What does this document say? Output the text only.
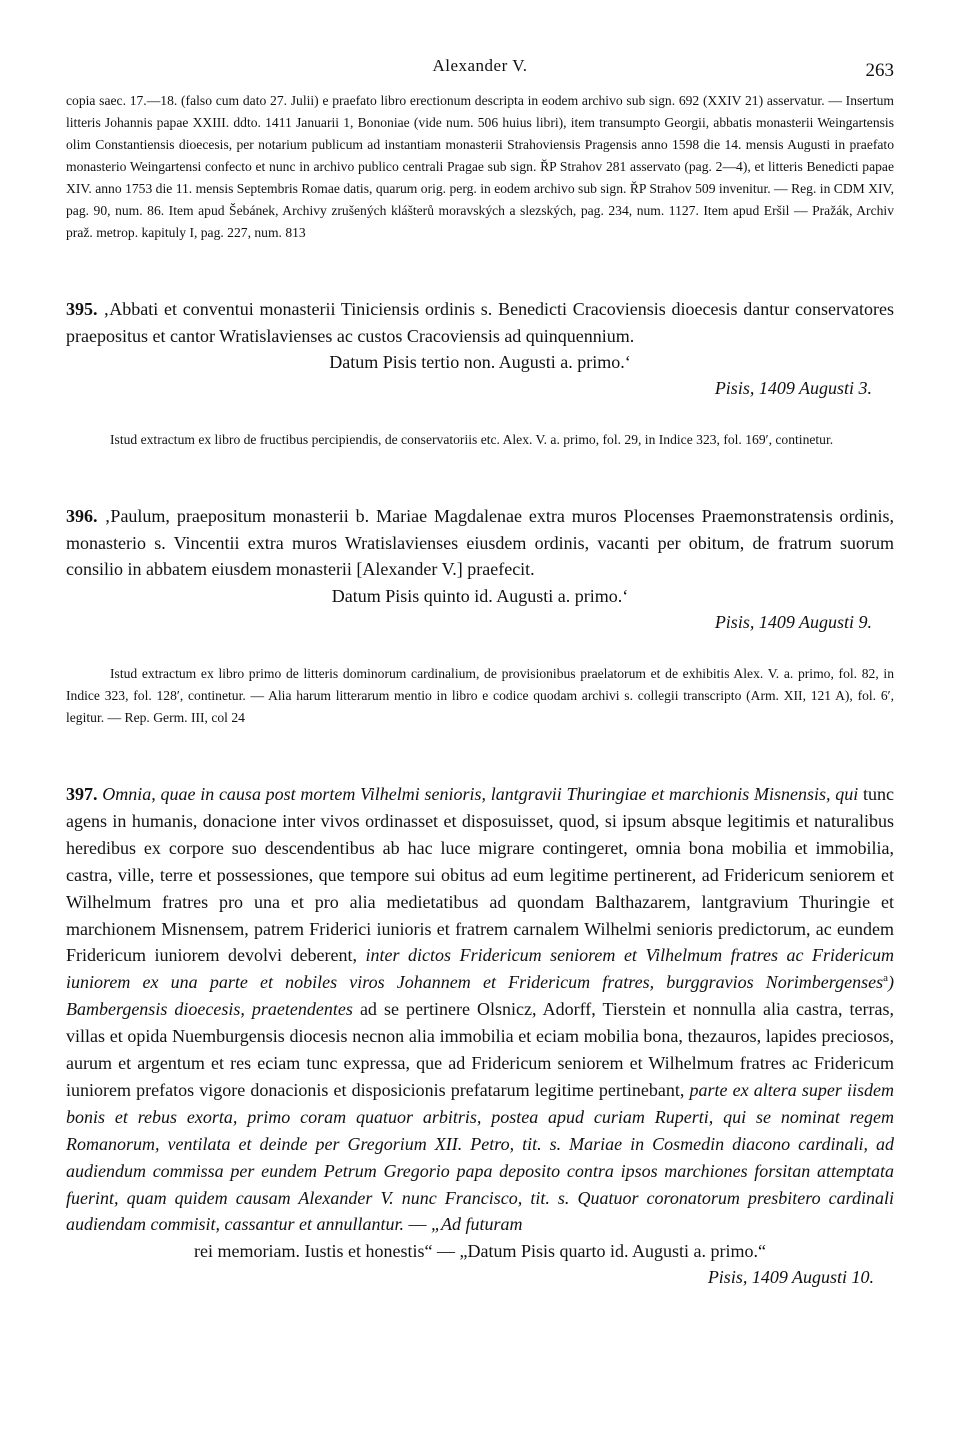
Alexander V.	263
copia saec. 17.—18. (falso cum dato 27. Julii) e praefato libro erectionum descripta in eodem archivo sub sign. 692 (XXIV 21) asservatur. — Insertum litteris Johannis papae XXIII. ddto. 1411 Januarii 1, Bononiae (vide num. 506 huius libri), item transumpto Georgii, abbatis monasterii Weingartensis olim Constantiensis dioecesis, per notarium publicum ad instantiam monasterii Strahoviensis Pragensis anno 1598 die 14. mensis Augusti in praefato monasterio Weingartensi confecto et nunc in archivo publico centrali Pragae sub sign. ŘP Strahov 281 asservato (pag. 2—4), et litteris Benedicti papae XIV. anno 1753 die 11. mensis Septembris Romae datis, quarum orig. perg. in eodem archivo sub sign. ŘP Strahov 509 invenitur. — Reg. in CDM XIV, pag. 90, num. 86. Item apud Šebánek, Archivy zrušených klášterů moravských a slezských, pag. 234, num. 1127. Item apud Eršil — Pražák, Archiv praž. metrop. kapituly I, pag. 227, num. 813
395. ‚Abbati et conventui monasterii Tiniciensis ordinis s. Benedicti Cracoviensis dioecesis dantur conservatores praepositus et cantor Wratislavienses ac custos Cracoviensis ad quinquennium.
Datum Pisis tertio non. Augusti a. primo.‘
Pisis, 1409 Augusti 3.
Istud extractum ex libro de fructibus percipiendis, de conservatoriis etc. Alex. V. a. primo, fol. 29, in Indice 323, fol. 169′, continetur.
396. ‚Paulum, praepositum monasterii b. Mariae Magdalenae extra muros Plocenses Praemonstratensis ordinis, monasterio s. Vincentii extra muros Wratislavienses eiusdem ordinis, vacanti per obitum, de fratrum suorum consilio in abbatem eiusdem monasterii [Alexander V.] praefecit.
Datum Pisis quinto id. Augusti a. primo.‘
Pisis, 1409 Augusti 9.
Istud extractum ex libro primo de litteris dominorum cardinalium, de provisionibus praelatorum et de exhibitis Alex. V. a. primo, fol. 82, in Indice 323, fol. 128′, continetur. — Alia harum litterarum mentio in libro e codice quodam archivi s. collegii transcripto (Arm. XII, 121 A), fol. 6′, legitur. — Rep. Germ. III, col 24
397. Omnia, quae in causa post mortem Vilhelmi senioris, lantgravii Thuringiae et marchionis Misnensis, qui tunc agens in humanis, donacione inter vivos ordinasset et disposuisset, quod, si ipsum absque legitimis et naturalibus heredibus ex corpore suo descendentibus ab hac luce migrare contingeret, omnia bona mobilia et immobilia, castra, ville, terre et possessiones, que tempore sui obitus ad eum legitime pertinerent, ad Fridericum seniorem et Wilhelmum fratres pro una et pro alia medietatibus ad quondam Balthazarem, lantgravium Thuringie et marchionem Misnensem, patrem Friderici iunioris et fratrem carnalem Wilhelmi senioris predictorum, ac eundem Fridericum iuniorem devolvi deberent, inter dictos Fridericum seniorem et Vilhelmum fratres ac Fridericum iuniorem ex una parte et nobiles viros Johannem et Fridericum fratres, burggravios Norimbergenses$^a$) Bambergensis dioecesis, praetendentes ad se pertinere Olsnicz, Adorff, Tierstein et nonnulla alia castra, terras, villas et opida Nuemburgensis diocesis necnon alia immobilia et eciam mobilia bona, thezauros, lapides preciosos, aurum et argentum et res eciam tunc expressa, que ad Fridericum seniorem et Wilhelmum fratres ac Fridericum iuniorem prefatos vigore donacionis et disposicionis prefatarum legitime pertinebant, parte ex altera super iisdem bonis et rebus exorta, primo coram quatuor arbitris, postea apud curiam Ruperti, qui se nominat regem Romanorum, ventilata et deinde per Gregorium XII. Petro, tit. s. Mariae in Cosmedin diacono cardinali, ad audiendum commissa per eundem Petrum Gregorio papa deposito contra ipsos marchiones forsitan attemptata fuerint, quam quidem causam Alexander V. nunc Francisco, tit. s. Quatuor coronatorum presbitero cardinali audiendam commisit, cassantur et annullantur. — „Ad futuram
rei memoriam. Iustis et honestis“ — „Datum Pisis quarto id. Augusti a. primo.“
Pisis, 1409 Augusti 10.
